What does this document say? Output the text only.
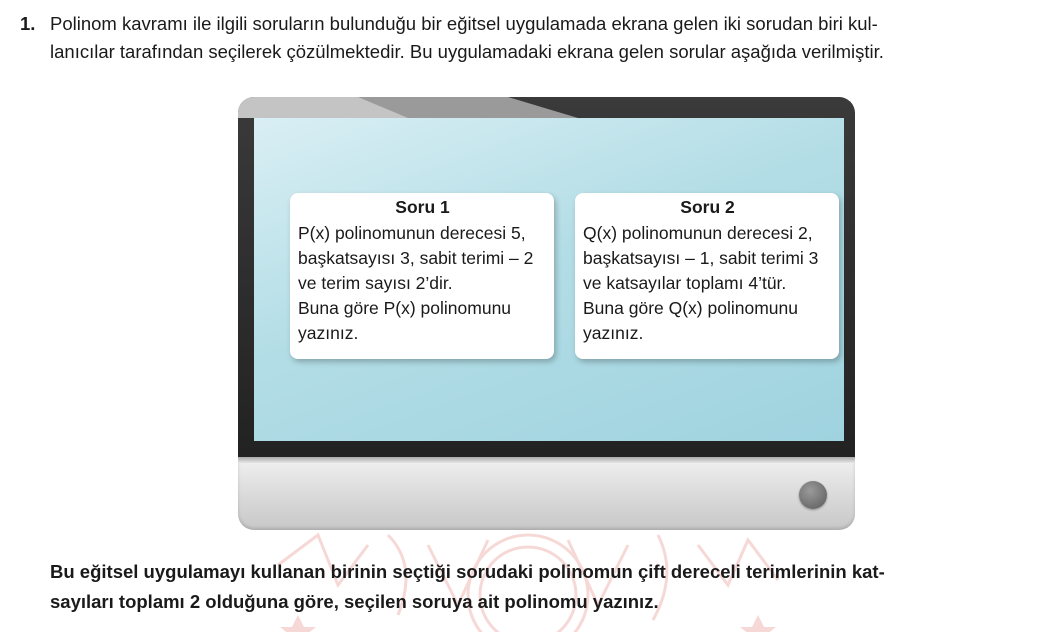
1. Polinom kavramı ile ilgili soruların bulunduğu bir eğitsel uygulamada ekrana gelen iki sorudan biri kul-
lanıcılar tarafından seçilerek çözülmektedir. Bu uygulamadaki ekrana gelen sorular aşağıda verilmiştir.
Soru 1
P(x) polinomunun derecesi 5,
başkatsayısı 3, sabit terimi – 2
ve terim sayısı 2’dir.
Buna göre P(x) polinomunu
yazınız.
Soru 2
Q(x) polinomunun derecesi 2,
başkatsayısı – 1, sabit terimi 3
ve katsayılar toplamı 4’tür.
Buna göre Q(x) polinomunu
yazınız.
Bu eğitsel uygulamayı kullanan birinin seçtiği sorudaki polinomun çift dereceli terimlerinin kat-
sayıları toplamı 2 olduğuna göre, seçilen soruya ait polinomu yazınız.
